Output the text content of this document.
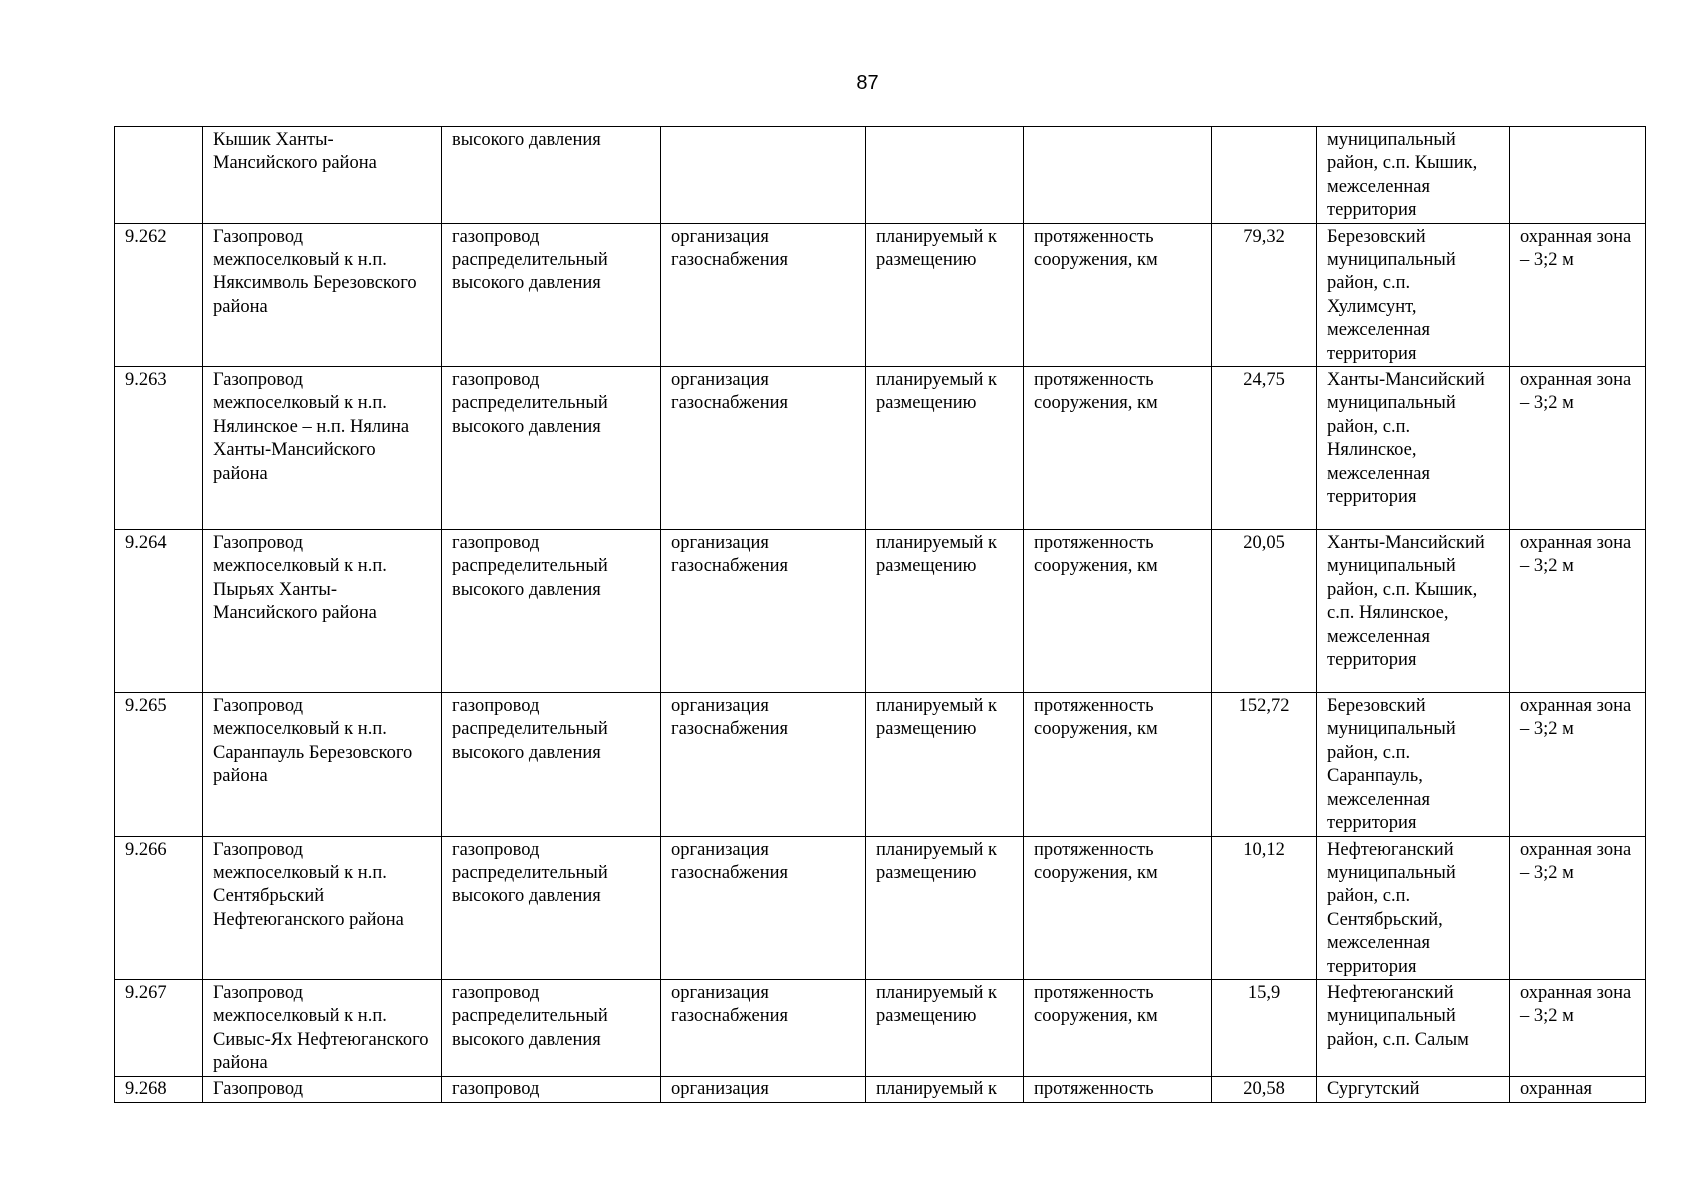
87
	Кышик Ханты-Мансийского района	высокого давления					муниципальный район, с.п. Кышик, межселенная территория	
9.262	Газопровод межпоселковый к н.п. Няксимволь Березовского района	газопровод распределительный высокого давления	организация газоснабжения	планируемый к размещению	протяженность сооружения, км	79,32	Березовский муниципальный район, с.п. Хулимсунт, межселенная территория	охранная зона – 3;2 м
9.263	Газопровод межпоселковый к н.п. Нялинское – н.п. Нялина Ханты-Мансийского района	газопровод распределительный высокого давления	организация газоснабжения	планируемый к размещению	протяженность сооружения, км	24,75	Ханты-Мансийский муниципальный район, с.п. Нялинское, межселенная территория	охранная зона – 3;2 м
9.264	Газопровод межпоселковый к н.п. Пырьях Ханты-Мансийского района	газопровод распределительный высокого давления	организация газоснабжения	планируемый к размещению	протяженность сооружения, км	20,05	Ханты-Мансийский муниципальный район, с.п. Кышик, с.п. Нялинское, межселенная территория	охранная зона – 3;2 м
9.265	Газопровод межпоселковый к н.п. Саранпауль Березовского района	газопровод распределительный высокого давления	организация газоснабжения	планируемый к размещению	протяженность сооружения, км	152,72	Березовский муниципальный район, с.п. Саранпауль, межселенная территория	охранная зона – 3;2 м
9.266	Газопровод межпоселковый к н.п. Сентябрьский Нефтеюганского района	газопровод распределительный высокого давления	организация газоснабжения	планируемый к размещению	протяженность сооружения, км	10,12	Нефтеюганский муниципальный район, с.п. Сентябрьский, межселенная территория	охранная зона – 3;2 м
9.267	Газопровод межпоселковый к н.п. Сивыс-Ях Нефтеюганского района	газопровод распределительный высокого давления	организация газоснабжения	планируемый к размещению	протяженность сооружения, км	15,9	Нефтеюганский муниципальный район, с.п. Салым	охранная зона – 3;2 м
9.268	Газопровод	газопровод	организация	планируемый к	протяженность	20,58	Сургутский	охранная
